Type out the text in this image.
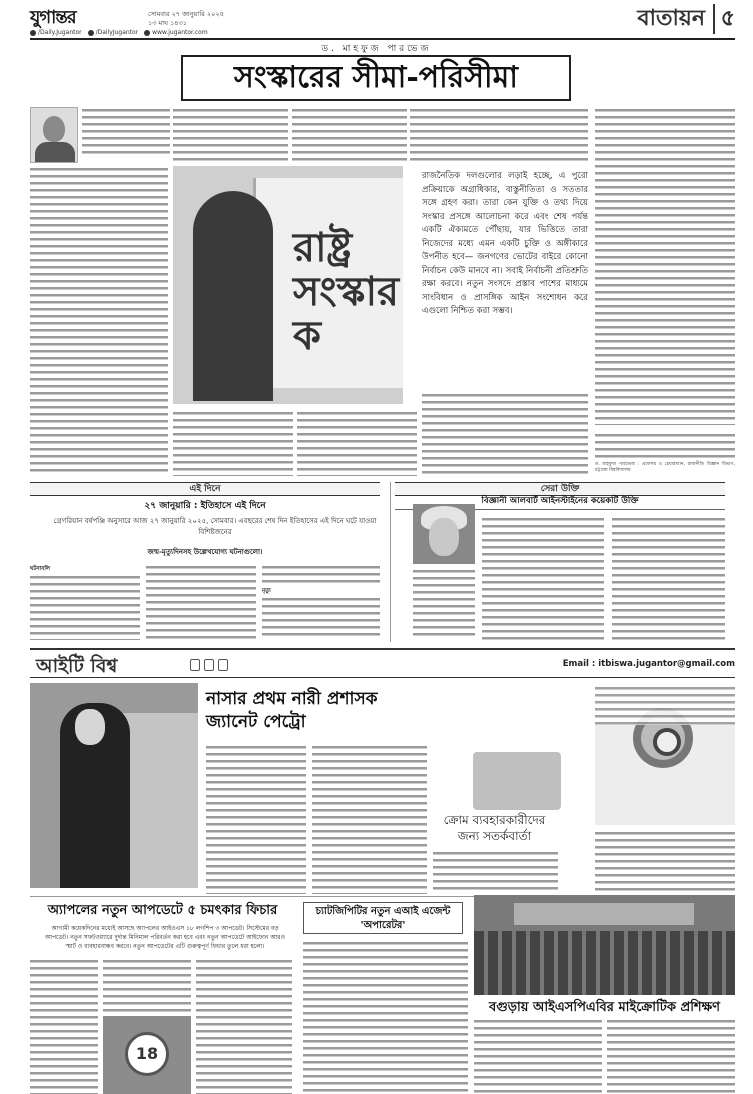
যুগান্তর	সোমবার ২৭ জানুয়ারি ২০২৫
১৩ মাঘ ১৪৩১
/Daily.Jugantor	/DailyJugantor	www.jugantor.com
বাতায়ন ৫
ড. মাহফুজ পারভেজ
সংস্কারের সীমা-পরিসীমা
ড. মাহফুজ পারভেজ : প্রফেসর ও চেয়ারম্যান, রাজনীতি বিজ্ঞান বিভাগ, চট্টগ্রাম বিশ্ববিদ্যালয়
রাষ্ট্র
সংস্কার
ক
রাজনৈতিক দলগুলোর লড়াই হচ্ছে, এ পুরো প্রক্রিয়াকে অগ্রাধিকার, বাস্তুনীতিতা ও সততার সঙ্গে গ্রহণ করা। তারা কেন যুক্তি ও তথ্য দিয়ে সংস্কার প্রসঙ্গে আলোচনা করে এবং শেষ পর্যন্ত একটি ঐক্যমতে পৌঁছায়, যার ভিত্তিতে তারা নিজেদের মধ্যে এমন একটি চুক্তি ও অঙ্গীকারে উপনীত হবে— জনগণের ভোটের বাইরে কোনো নির্বাচন কেউ মানবে না। সবাই নির্বাচনী প্রতিশ্রুতি রক্ষা করবে। নতুন সংসদে প্রস্তাব পাশের মাধ্যমে সাংবিধান ও প্রাসঙ্গিক আইন সংশোধন করে এগুলো নিশ্চিত করা সম্ভব।
এই দিনে
২৭ জানুয়ারি : ইতিহাসে এই দিনে
গ্রেগরিয়ান বর্ষপঞ্জি অনুসারে আজ ২৭ জানুয়ারি ২০২৫, সোমবার। এবছরের শেষ দিন ইতিহাসের এই দিনে ঘটে যাওয়া বিশিষ্টজনের
জন্ম-মৃত্যুদিনসহ উল্লেখযোগ্য ঘটনাগুলো।
ঘটনাবলি
মৃত্যু
সেরা উক্তি
বিজ্ঞানী আলবার্ট আইনস্টাইনের কয়েকটি উক্তি
আইটি বিশ্ব	Email : itbiswa.jugantor@gmail.com
নাসার প্রথম নারী প্রশাসক জ্যানেট পেট্রো
ক্রোম ব্যবহারকারীদের জন্য সতর্কবার্তা
অ্যাপলের নতুন আপডেটে ৫ চমৎকার ফিচার
আগামী কয়েকদিনের মধ্যেই আসছে অ্যাপলের আইওএস ১৮ লগশিপ ৩ আপডেট। সিস্টেমের বড় আপডেট। নতুন সফটওয়্যারে দুর্দান্ত মিনিমাল পরিবর্তন করা হবে এবং নতুন আপডেটে আইফোন আরও স্মার্ট ও ব্যবহারবান্ধব করবে। নতুন আপডেটের এটি গুরুত্বপূর্ণ ফিচার তুলে ধরা হলো।
18
চ্যাটজিপিটির নতুন এআই এজেন্ট 'অপারেটর'
বগুড়ায় আইএসপিএবির মাইক্রোটিক প্রশিক্ষণ
